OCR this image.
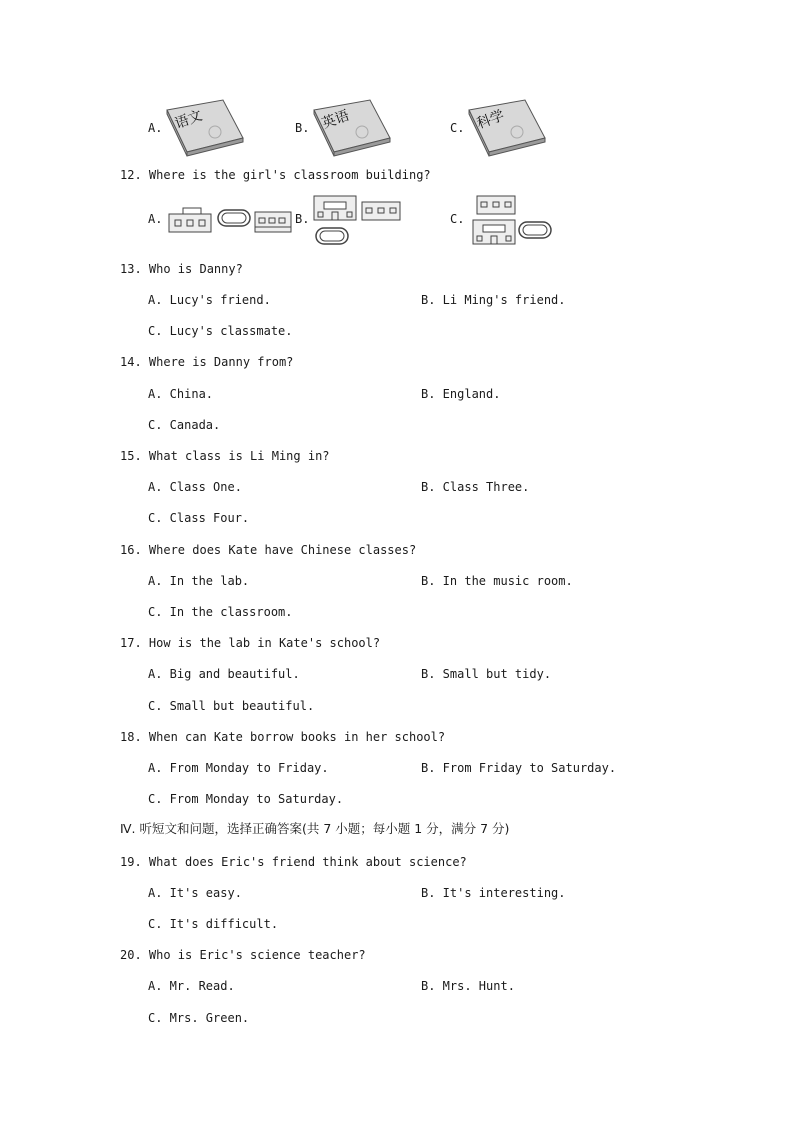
A. 语文	B. 英语	C. 科学
12. Where is the girl's classroom building?
A.	B.	C.
13. Who is Danny?
A. Lucy's friend.	B. Li Ming's friend.
C. Lucy's classmate.
14. Where is Danny from?
A. China.	B. England.
C. Canada.
15. What class is Li Ming in?
A. Class One.	B. Class Three.
C. Class Four.
16. Where does Kate have Chinese classes?
A. In the lab.	B. In the music room.
C. In the classroom.
17. How is the lab in Kate's school?
A. Big and beautiful.	B. Small but tidy.
C. Small but beautiful.
18. When can Kate borrow books in her school?
A. From Monday to Friday.	B. From Friday to Saturday.
C. From Monday to Saturday.
Ⅳ. 听短文和问题，选择正确答案(共 7 小题；每小题 1 分，满分 7 分)
19. What does Eric's friend think about science?
A. It's easy.	B. It's interesting.
C. It's difficult.
20. Who is Eric's science teacher?
A. Mr. Read.	B. Mrs. Hunt.
C. Mrs. Green.
